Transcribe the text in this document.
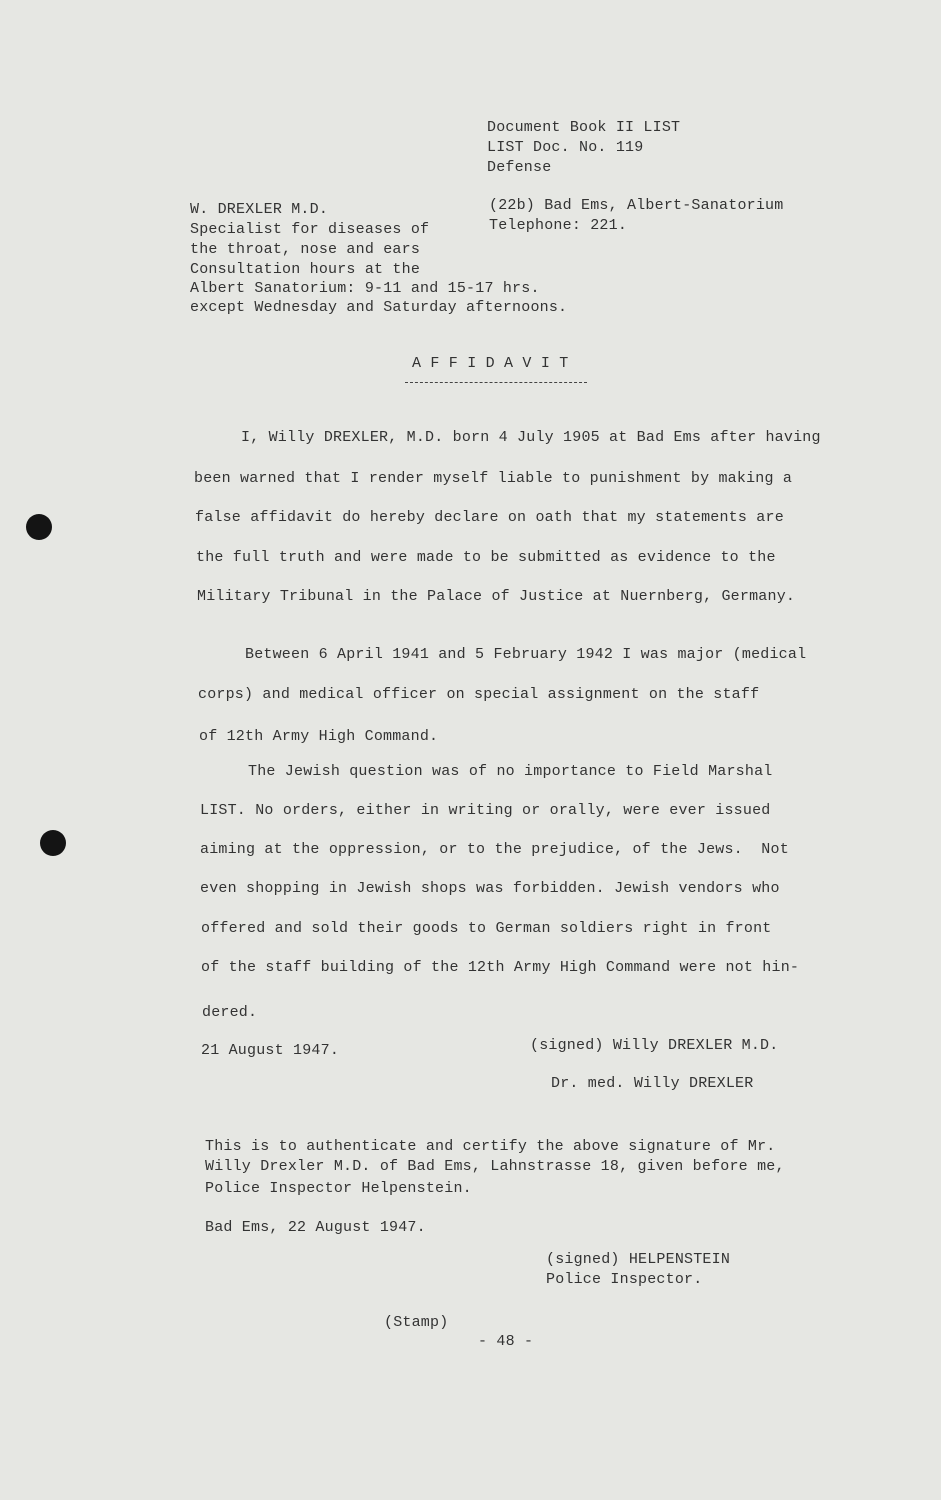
Document Book II LIST
LIST Doc. No. 119
Defense
W. DREXLER M.D.
Specialist for diseases of
the throat, nose and ears
Consultation hours at the
Albert Sanatorium: 9-11 and 15-17 hrs.
except Wednesday and Saturday afternoons.
(22b) Bad Ems, Albert-Sanatorium
Telephone: 221.
A F F I D A V I T
I, Willy DREXLER, M.D. born 4 July 1905 at Bad Ems after having
been warned that I render myself liable to punishment by making a
false affidavit do hereby declare on oath that my statements are
the full truth and were made to be submitted as evidence to the
Military Tribunal in the Palace of Justice at Nuernberg, Germany.
Between 6 April 1941 and 5 February 1942 I was major (medical
corps) and medical officer on special assignment on the staff
of 12th Army High Command.
The Jewish question was of no importance to Field Marshal
LIST. No orders, either in writing or orally, were ever issued
aiming at the oppression, or to the prejudice, of the Jews.  Not
even shopping in Jewish shops was forbidden. Jewish vendors who
offered and sold their goods to German soldiers right in front
of the staff building of the 12th Army High Command were not hin-
dered.
21 August 1947.	(signed) Willy DREXLER M.D.
Dr. med. Willy DREXLER
This is to authenticate and certify the above signature of Mr.
Willy Drexler M.D. of Bad Ems, Lahnstrasse 18, given before me,
Police Inspector Helpenstein.
Bad Ems, 22 August 1947.
(signed) HELPENSTEIN
Police Inspector.
(Stamp)
- 48 -
